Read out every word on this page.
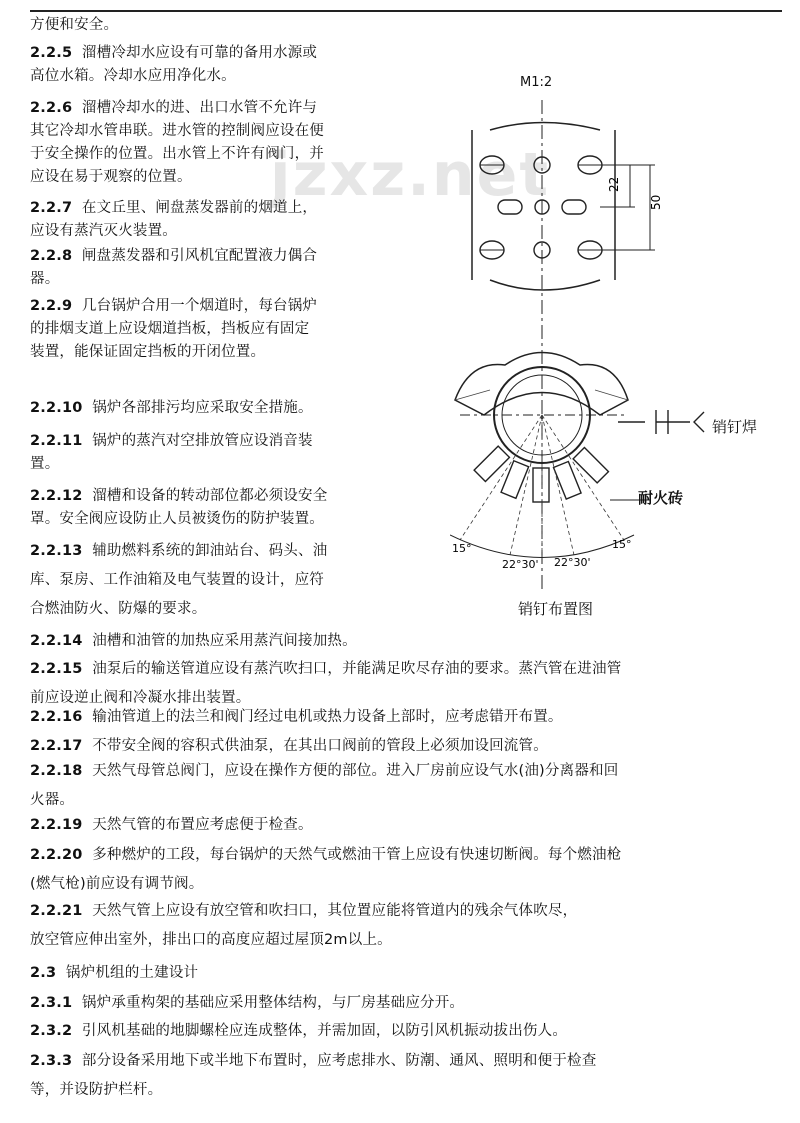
jzxz.net
方便和安全。
2.2.5 溜槽冷却水应设有可靠的备用水源或
高位水箱。冷却水应用净化水。
2.2.6 溜槽冷却水的进、出口水管不允许与
其它冷却水管串联。进水管的控制阀应设在便
于安全操作的位置。出水管上不许有阀门，并
应设在易于观察的位置。
2.2.7 在文丘里、闸盘蒸发器前的烟道上，
应设有蒸汽灭火装置。
2.2.8 闸盘蒸发器和引风机宜配置液力偶合
器。
2.2.9 几台锅炉合用一个烟道时，每台锅炉
的排烟支道上应设烟道挡板，挡板应有固定
装置，能保证固定挡板的开闭位置。
2.2.10 锅炉各部排污均应采取安全措施。
2.2.11 锅炉的蒸汽对空排放管应设消音装
置。
2.2.12 溜槽和设备的转动部位都必须设安全
罩。安全阀应设防止人员被烫伤的防护装置。
2.2.13 辅助燃料系统的卸油站台、码头、油
库、泵房、工作油箱及电气装置的设计，应符
合燃油防火、防爆的要求。
2.2.14 油槽和油管的加热应采用蒸汽间接加热。
2.2.15 油泵后的输送管道应设有蒸汽吹扫口，并能满足吹尽存油的要求。蒸汽管在进油管
前应设逆止阀和冷凝水排出装置。
2.2.16 输油管道上的法兰和阀门经过电机或热力设备上部时，应考虑错开布置。
2.2.17 不带安全阀的容积式供油泵，在其出口阀前的管段上必须加设回流管。
2.2.18 天然气母管总阀门，应设在操作方便的部位。进入厂房前应设气水(油)分离器和回
火器。
2.2.19 天然气管的布置应考虑便于检查。
2.2.20 多种燃炉的工段，每台锅炉的天然气或燃油干管上应设有快速切断阀。每个燃油枪
(燃气枪)前应设有调节阀。
2.2.21 天然气管上应设有放空管和吹扫口，其位置应能将管道内的残余气体吹尽，
放空管应伸出室外，排出口的高度应超过屋顶2m以上。
2.3 锅炉机组的土建设计
2.3.1 锅炉承重构架的基础应采用整体结构，与厂房基础应分开。
2.3.2 引风机基础的地脚螺栓应连成整体，并需加固，以防引风机振动拔出伤人。
2.3.3 部分设备采用地下或半地下布置时，应考虑排水、防潮、通风、照明和便于检查
等，并设防护栏杆。
M1:2
22
50
15°
22°30' 22°30'
15°
销钉焊
耐火砖
销钉布置图
